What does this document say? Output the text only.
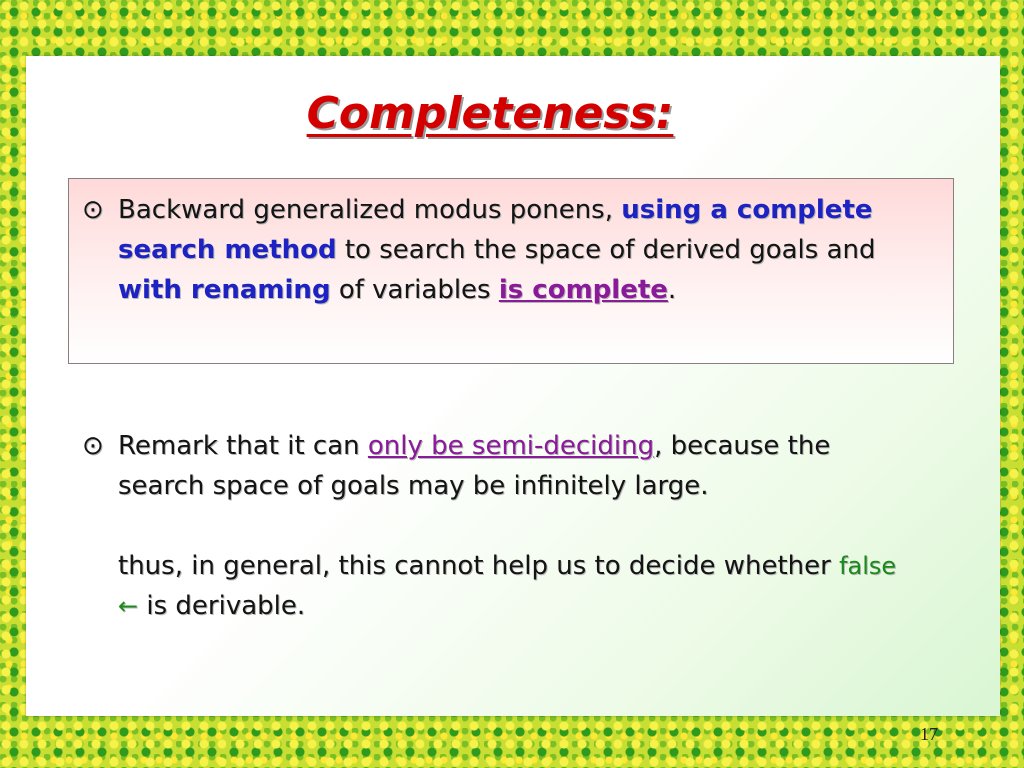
Completeness:
⊙ Backward generalized modus ponens, using a complete search method to search the space of derived goals and with renaming of variables is complete.
⊙ Remark that it can only be semi-deciding, because the search space of goals may be infinitely large.
thus, in general, this cannot help us to decide whether false ← is derivable.
17
